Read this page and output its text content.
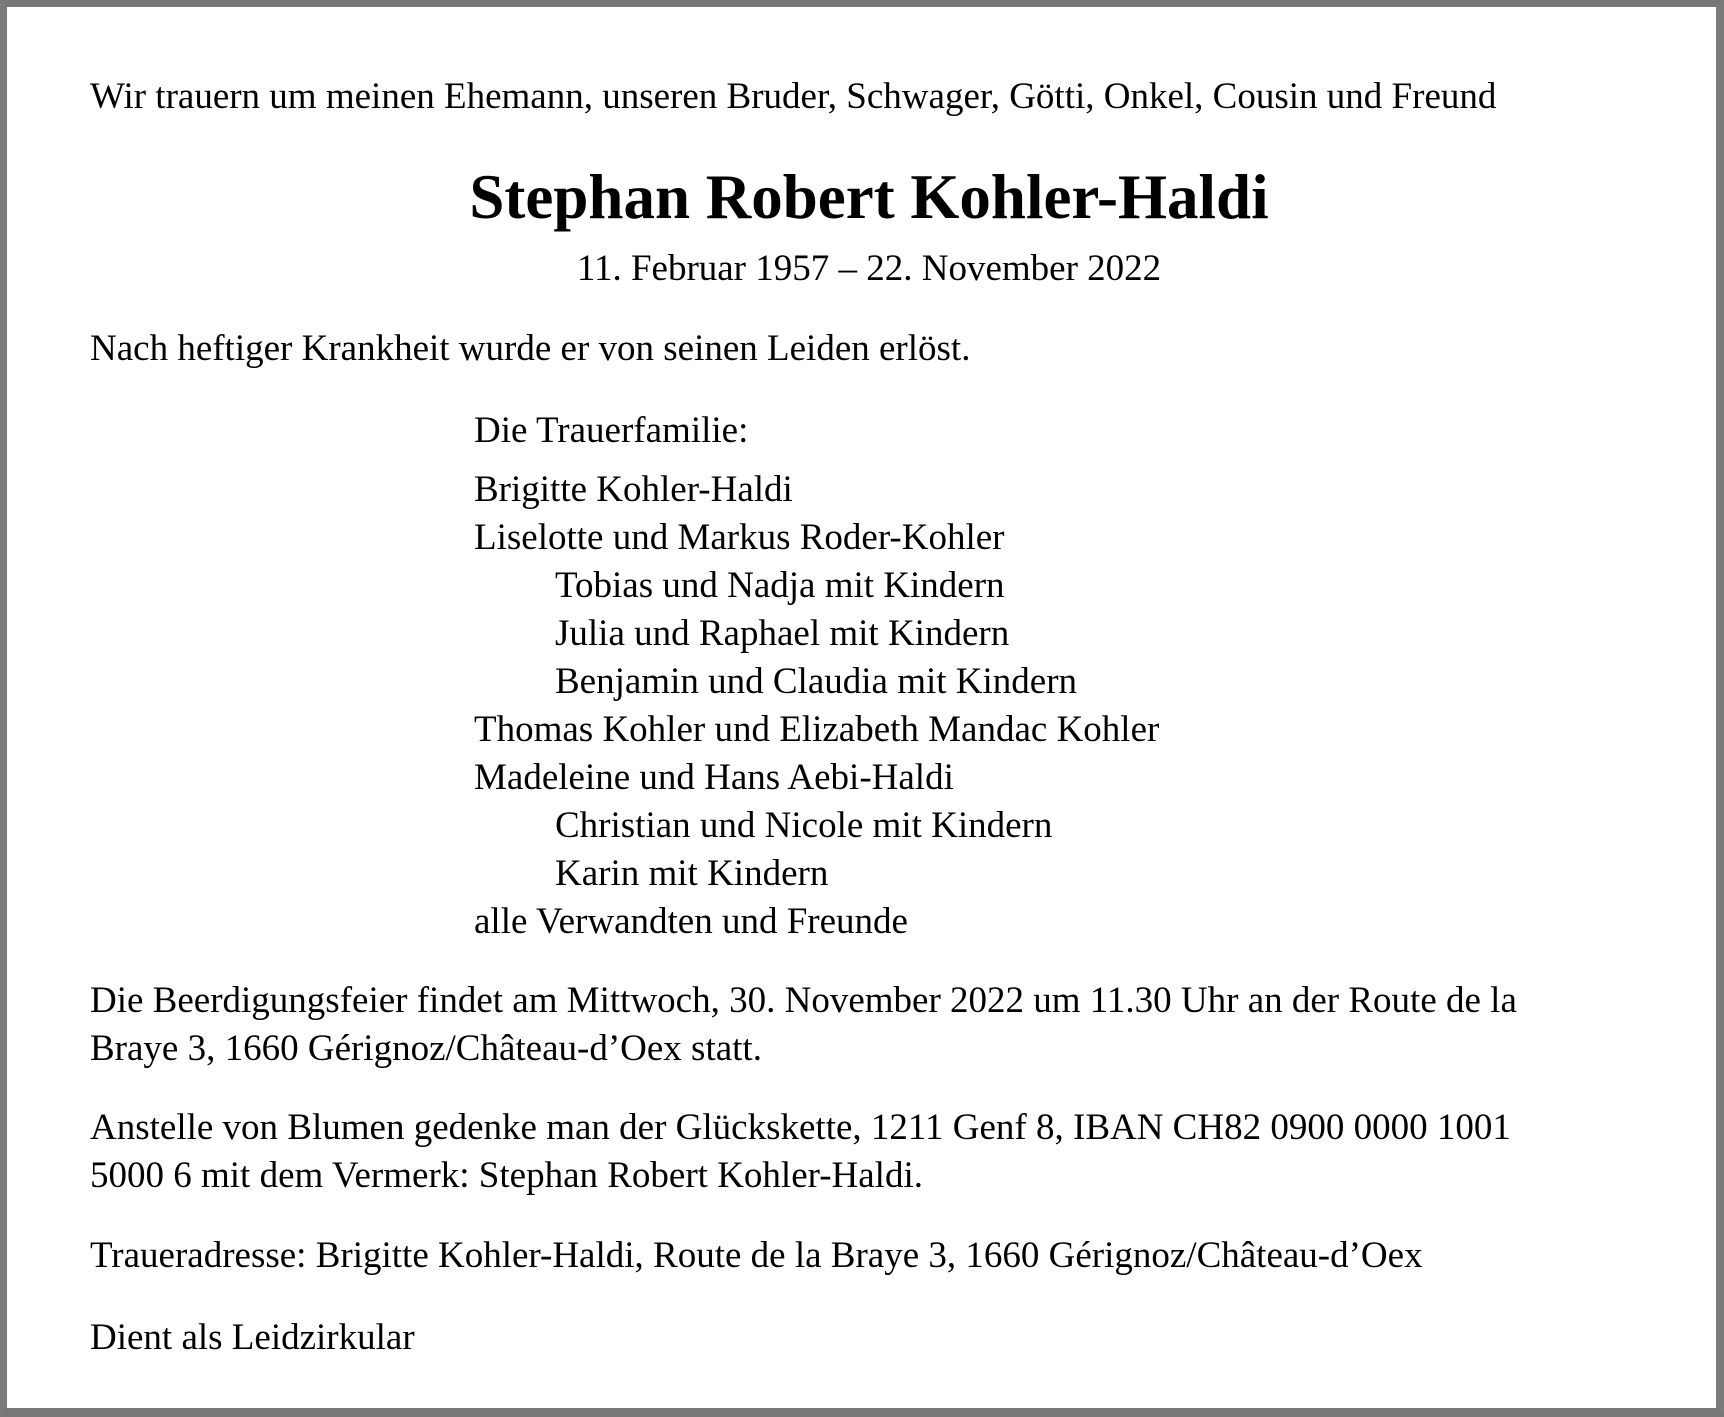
Wir trauern um meinen Ehemann, unseren Bruder, Schwager, Götti, Onkel, Cousin und Freund
Stephan Robert Kohler-Haldi
11. Februar 1957 – 22. November 2022
Nach heftiger Krankheit wurde er von seinen Leiden erlöst.
Die Trauerfamilie:
Brigitte Kohler-Haldi
Liselotte und Markus Roder-Kohler
Tobias und Nadja mit Kindern
Julia und Raphael mit Kindern
Benjamin und Claudia mit Kindern
Thomas Kohler und Elizabeth Mandac Kohler
Madeleine und Hans Aebi-Haldi
Christian und Nicole mit Kindern
Karin mit Kindern
alle Verwandten und Freunde
Die Beerdigungsfeier findet am Mittwoch, 30. November 2022 um 11.30 Uhr an der Route de la
Braye 3, 1660 Gérignoz/Château-d’Oex statt.
Anstelle von Blumen gedenke man der Glückskette, 1211 Genf 8, IBAN CH82 0900 0000 1001
5000 6 mit dem Vermerk: Stephan Robert Kohler-Haldi.
Traueradresse: Brigitte Kohler-Haldi, Route de la Braye 3, 1660 Gérignoz/Château-d’Oex
Dient als Leidzirkular
